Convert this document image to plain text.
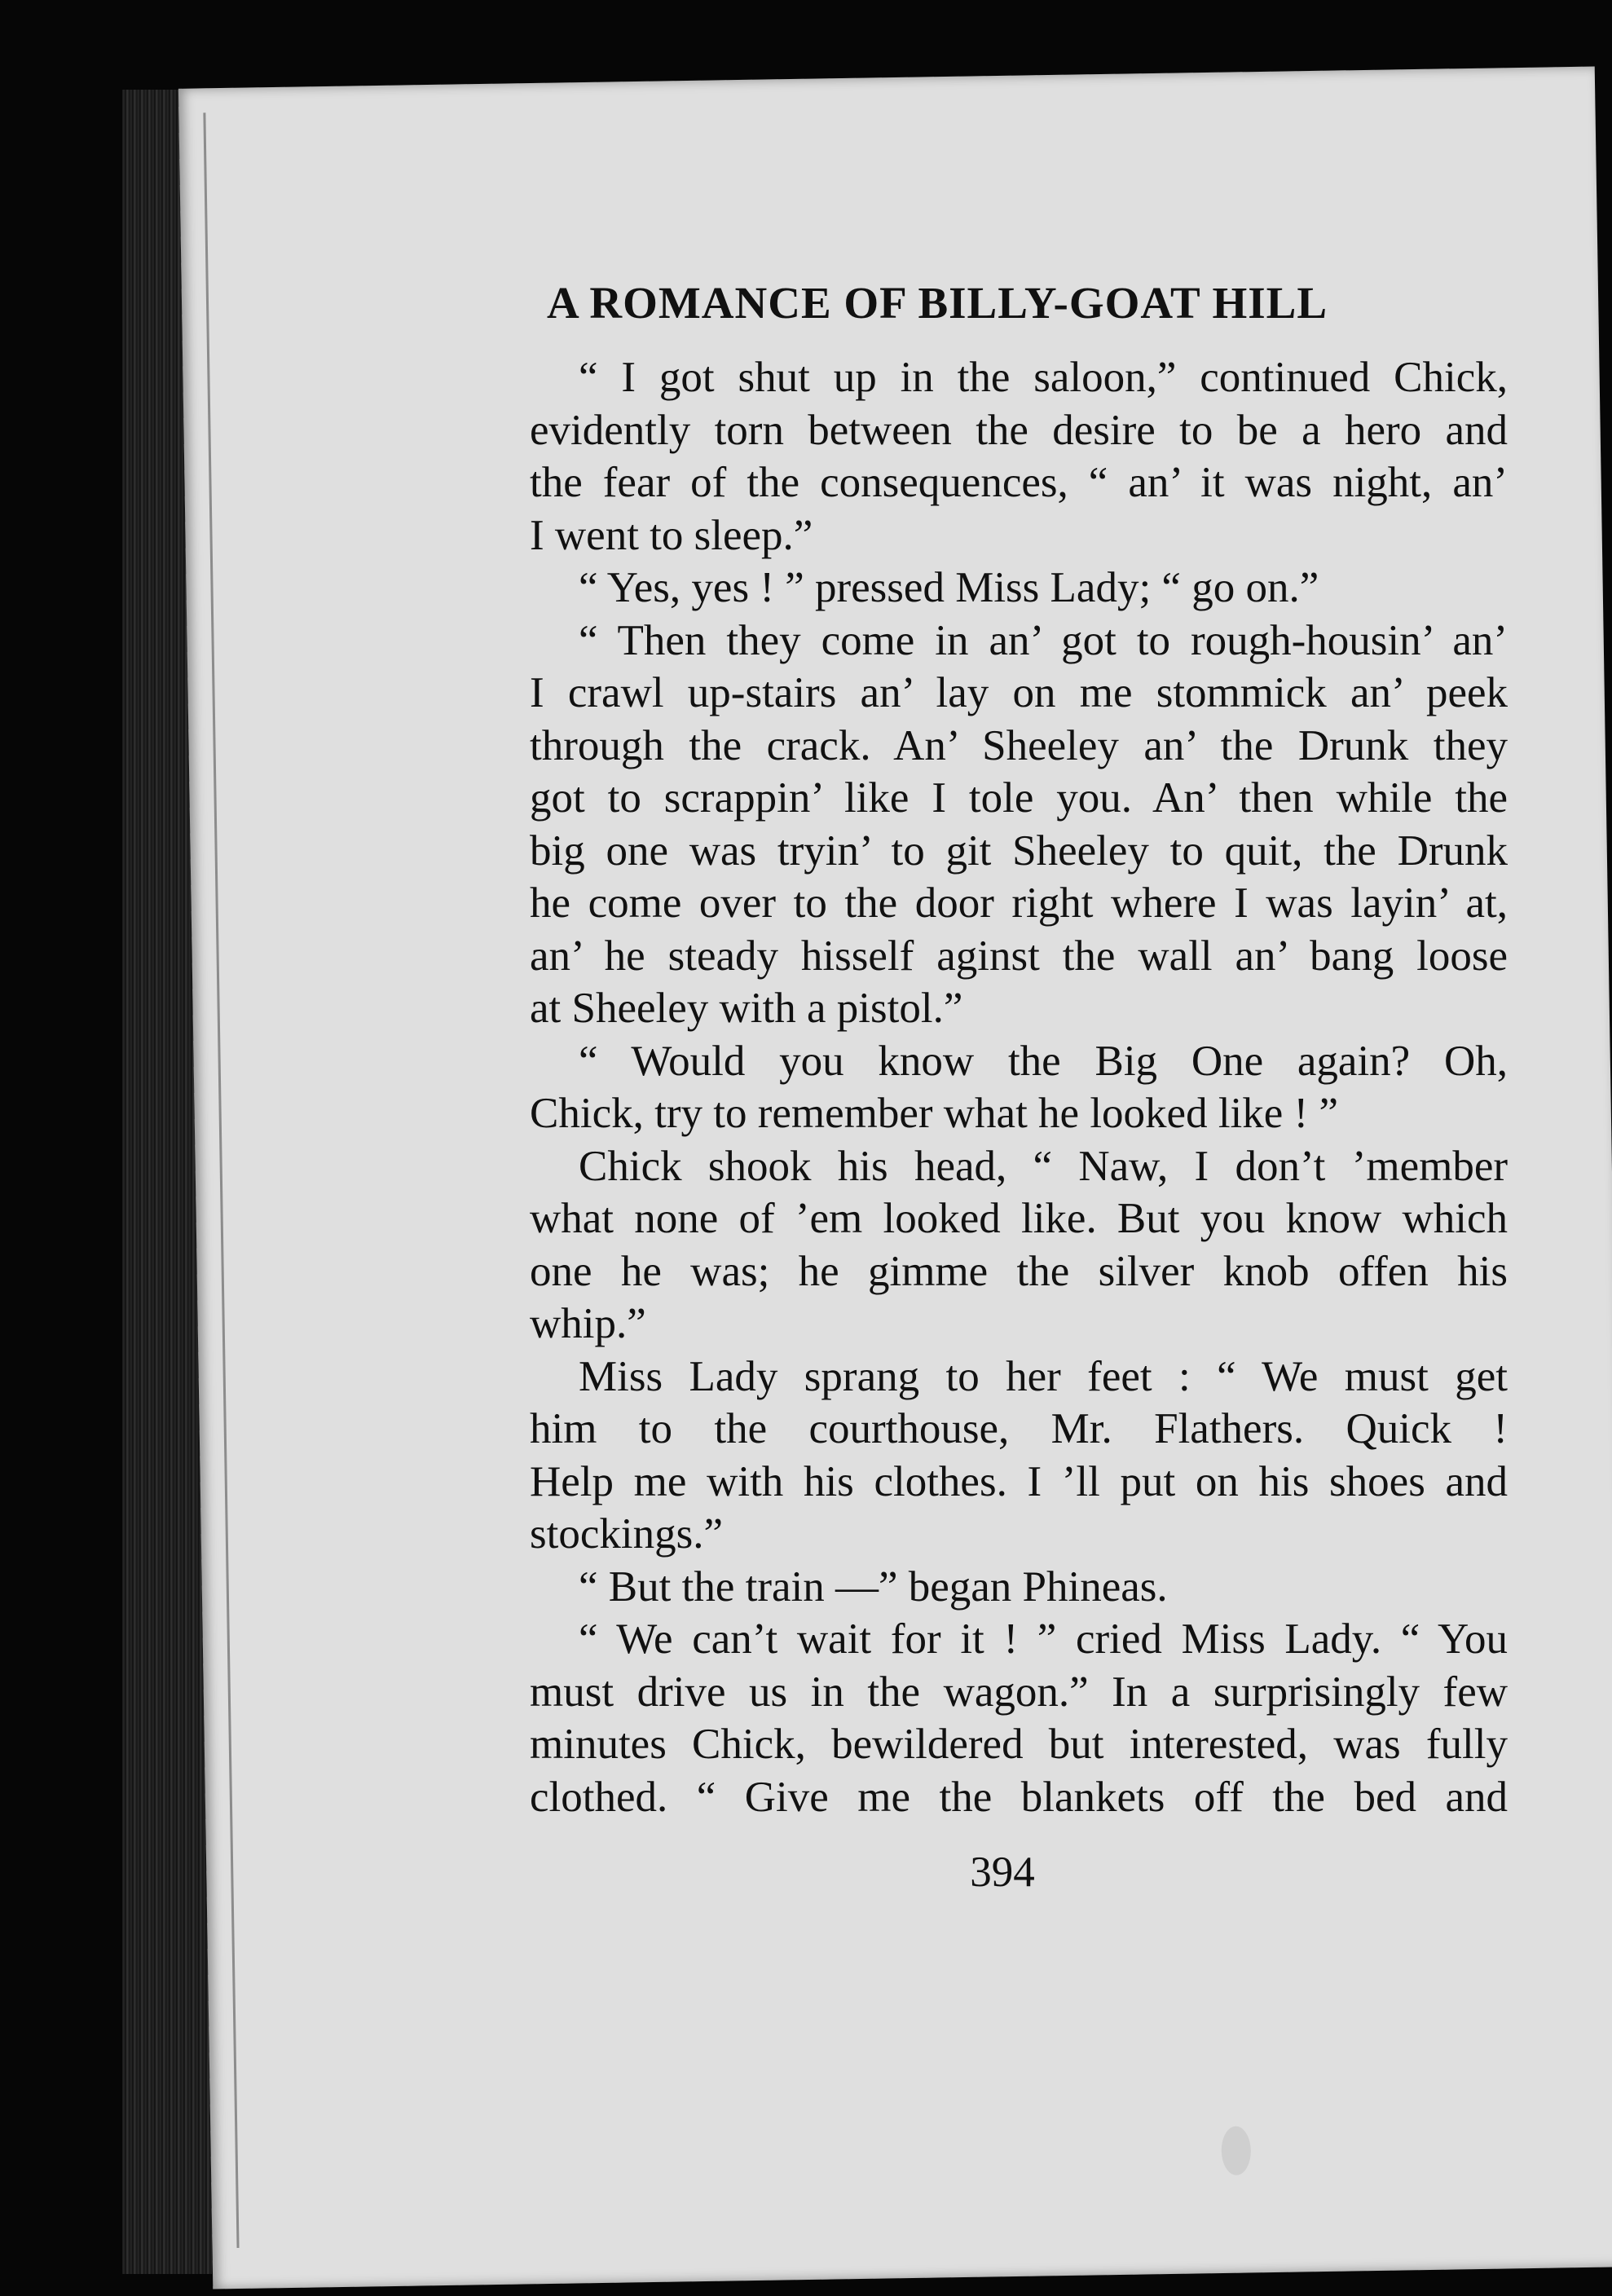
A ROMANCE OF BILLY-GOAT HILL
“ I got shut up in the saloon,” continued Chick,
evidently torn between the desire to be a hero and
the fear of the consequences, “ an’ it was night, an’
I went to sleep.”
“ Yes, yes ! ” pressed Miss Lady; “ go on.”
“ Then they come in an’ got to rough-housin’ an’
I crawl up-stairs an’ lay on me stommick an’ peek
through the crack. An’ Sheeley an’ the Drunk they
got to scrappin’ like I tole you. An’ then while the
big one was tryin’ to git Sheeley to quit, the Drunk
he come over to the door right where I was layin’ at,
an’ he steady hisself aginst the wall an’ bang loose
at Sheeley with a pistol.”
“ Would you know the Big One again? Oh,
Chick, try to remember what he looked like ! ”
Chick shook his head, “ Naw, I don’t ’member
what none of ’em looked like. But you know which
one he was; he gimme the silver knob offen his
whip.”
Miss Lady sprang to her feet : “ We must get
him to the courthouse, Mr. Flathers. Quick !
Help me with his clothes. I ’ll put on his shoes and
stockings.”
“ But the train —” began Phineas.
“ We can’t wait for it ! ” cried Miss Lady. “ You
must drive us in the wagon.” In a surprisingly few
minutes Chick, bewildered but interested, was fully
clothed. “ Give me the blankets off the bed and
394
